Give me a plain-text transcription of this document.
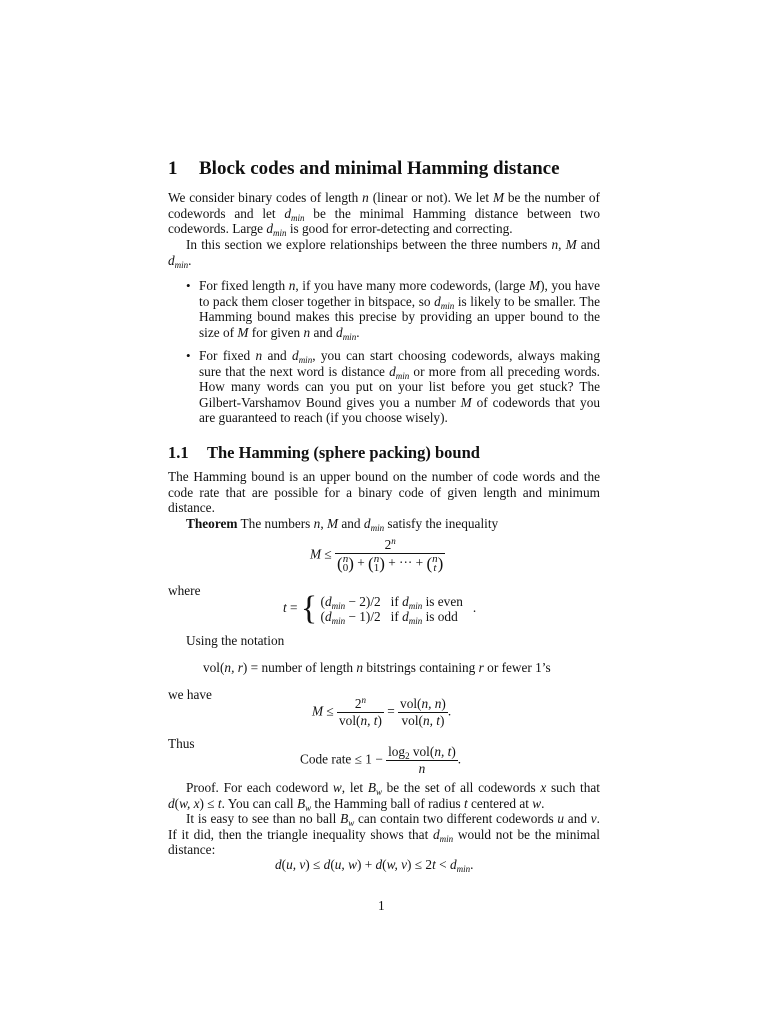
1 Block codes and minimal Hamming distance

We consider binary codes of length n (linear or not). We let M be the number of codewords and let $d_{min}$ be the minimal Hamming distance between two codewords. Large $d_{min}$ is good for error-detecting and correcting.

In this section we explore relationships between the three numbers n, M and $d_{min}$.

• For fixed length n, if you have many more codewords, (large M), you have to pack them closer together in bitspace, so $d_{min}$ is likely to be smaller. The Hamming bound makes this precise by providing an upper bound to the size of M for given n and $d_{min}$.

• For fixed n and $d_{min}$, you can start choosing codewords, always making sure that the next word is distance $d_{min}$ or more from all preceding words. How many words can you put on your list before you get stuck? The Gilbert-Varshamov Bound gives you a number M of codewords that you are guaranteed to reach (if you choose wisely).

1.1 The Hamming (sphere packing) bound

The Hamming bound is an upper bound on the number of code words and the code rate that are possible for a binary code of given length and minimum distance.

Theorem The numbers n, M and $d_{min}$ satisfy the inequality

M ≤
2$^n$
(n
0) + (n
1) + ··· + (n
t)
where
t = { $(d_{min} - 2)/2$   if $d_{min}$ is even
$(d_{min} - 1)/2$   if $d_{min}$ is odd   .
Using the notation
vol(n, r) = number of length n bitstrings containing r or fewer 1’s
we have
$M \le \frac{2^n}{\text{vol(n, t)}} = \frac{\text{vol(n, n)}}{\text{vol(n, t)}}$ .
Thus
Code rate ≤ $1 - \frac{\log_2 vol(n, t)}{n}$ .

Proof. For each codeword w, let $B_w$ be the set of all codewords x such that d(w, x) ≤ t. You can call $B_w$ the Hamming ball of radius t centered at w.

It is easy to see than no ball $B_w$ can contain two different codewords u and v. If it did, then the triangle inequality shows that $d_{min}$ would not be the minimal distance:

d(u, v) ≤ d(u, w) + d(w, $v) \le 2t < d_{min}$.
1
